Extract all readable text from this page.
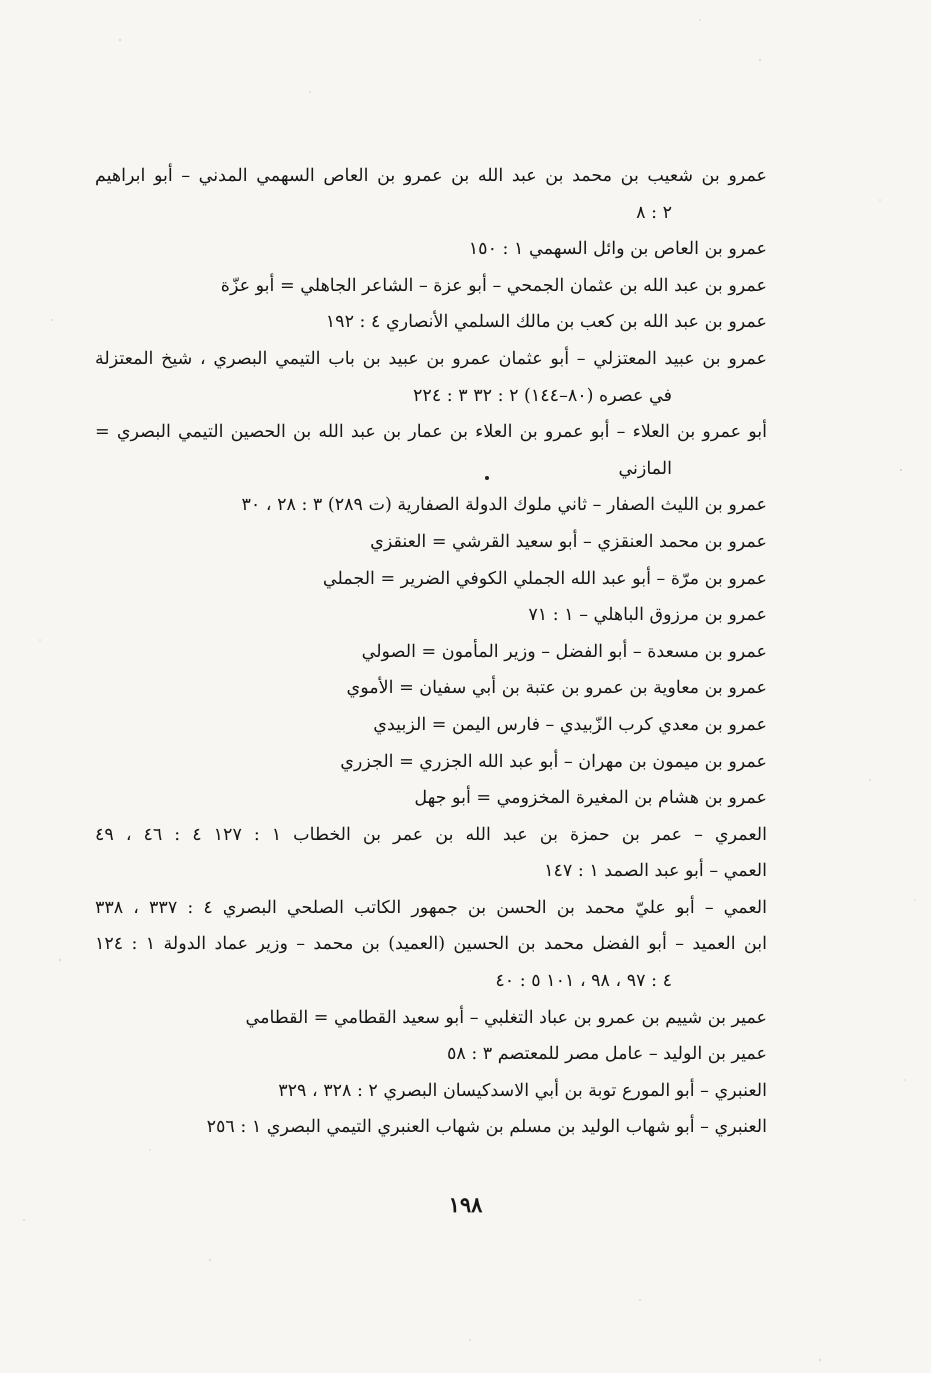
عمرو بن شعيب بن محمد بن عبد الله بن عمرو بن العاص السهمي المدني – أبو ابراهيم
٢ : ٨
عمرو بن العاص بن وائل السهمي ١ : ١٥٠
عمرو بن عبد الله بن عثمان الجمحي – أبو عزة – الشاعر الجاهلي = أبو عزّة
عمرو بن عبد الله بن كعب بن مالك السلمي الأنصاري ٤ : ١٩٢
عمرو بن عبيد المعتزلي – أبو عثمان عمرو بن عبيد بن باب التيمي البصري ، شيخ المعتزلة
في عصره (٨٠–١٤٤) ٢ : ٣٢ ٣ : ٢٢٤
أبو عمرو بن العلاء – أبو عمرو بن العلاء بن عمار بن عبد الله بن الحصين التيمي البصري =
المازني
عمرو بن الليث الصفار – ثاني ملوك الدولة الصفارية (ت ٢٨٩) ٣ : ٢٨ ، ٣٠
عمرو بن محمد العنقزي – أبو سعيد القرشي = العنقزي
عمرو بن مرّة – أبو عبد الله الجملي الكوفي الضرير = الجملي
عمرو بن مرزوق الباهلي – ١ : ٧١
عمرو بن مسعدة – أبو الفضل – وزير المأمون = الصولي
عمرو بن معاوية بن عمرو بن عتبة بن أبي سفيان = الأموي
عمرو بن معدي كرب الزّبيدي – فارس اليمن = الزبيدي
عمرو بن ميمون بن مهران – أبو عبد الله الجزري = الجزري
عمرو بن هشام بن المغيرة المخزومي = أبو جهل
العمري – عمر بن حمزة بن عبد الله بن عمر بن الخطاب ١ : ١٢٧ ٤ : ٤٦ ، ٤٩
العمي – أبو عبد الصمد ١ : ١٤٧
العمي – أبو عليّ محمد بن الحسن بن جمهور الكاتب الصلحي البصري ٤ : ٣٣٧ ، ٣٣٨
ابن العميد – أبو الفضل محمد بن الحسين (العميد) بن محمد – وزير عماد الدولة ١ : ١٢٤
٤ : ٩٧ ، ٩٨ ، ١٠١ ٥ : ٤٠
عمير بن شييم بن عمرو بن عباد التغلبي – أبو سعيد القطامي = القطامي
عمير بن الوليد – عامل مصر للمعتصم ٣ : ٥٨
العنبري – أبو المورع توبة بن أبي الاسدكيسان البصري ٢ : ٣٢٨ ، ٣٢٩
العنبري – أبو شهاب الوليد بن مسلم بن شهاب العنبري التيمي البصري ١ : ٢٥٦
١٩٨
